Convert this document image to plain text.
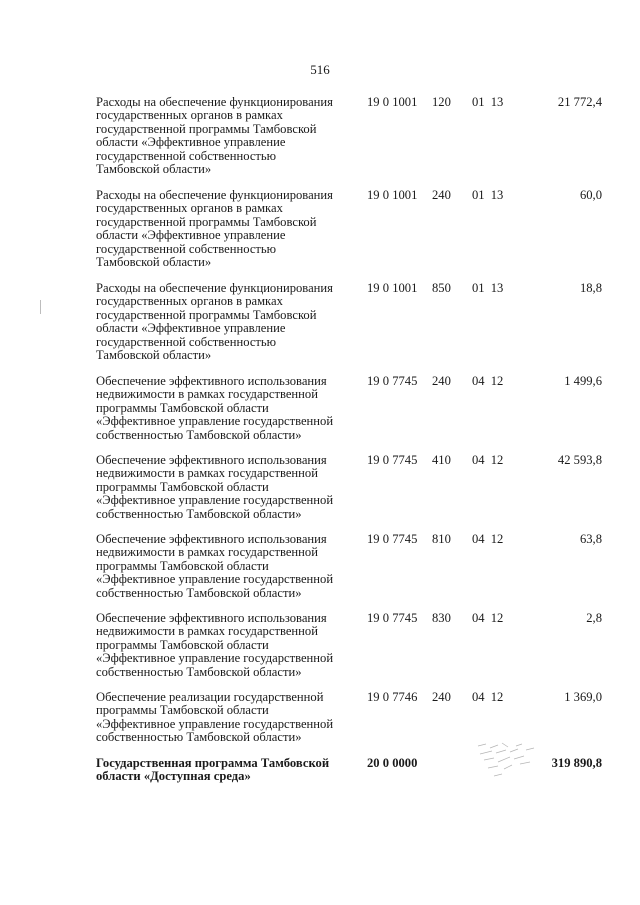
516
Расходы на обеспечение функционирования
государственных органов в рамках
государственной программы Тамбовской
области «Эффективное управление
государственной собственностью
Тамбовской области»
19 0 1001 120 01 13	21 772,4
Расходы на обеспечение функционирования
государственных органов в рамках
государственной программы Тамбовской
области «Эффективное управление
государственной собственностью
Тамбовской области»
19 0 1001 240 01 13	60,0
Расходы на обеспечение функционирования
государственных органов в рамках
государственной программы Тамбовской
области «Эффективное управление
государственной собственностью
Тамбовской области»
19 0 1001 850 01 13	18,8
Обеспечение эффективного использования
недвижимости в рамках государственной
программы Тамбовской области
«Эффективное управление государственной
собственностью Тамбовской области»
19 0 7745 240 04 12	1 499,6
Обеспечение эффективного использования
недвижимости в рамках государственной
программы Тамбовской области
«Эффективное управление государственной
собственностью Тамбовской области»
19 0 7745 410 04 12	42 593,8
Обеспечение эффективного использования
недвижимости в рамках государственной
программы Тамбовской области
«Эффективное управление государственной
собственностью Тамбовской области»
19 0 7745 810 04 12	63,8
Обеспечение эффективного использования
недвижимости в рамках государственной
программы Тамбовской области
«Эффективное управление государственной
собственностью Тамбовской области»
19 0 7745 830 04 12	2,8
Обеспечение реализации государственной
программы Тамбовской области
«Эффективное управление государственной
собственностью Тамбовской области»
19 0 7746 240 04 12	1 369,0
Государственная программа Тамбовской
области «Доступная среда»
20 0 0000	319 890,8
